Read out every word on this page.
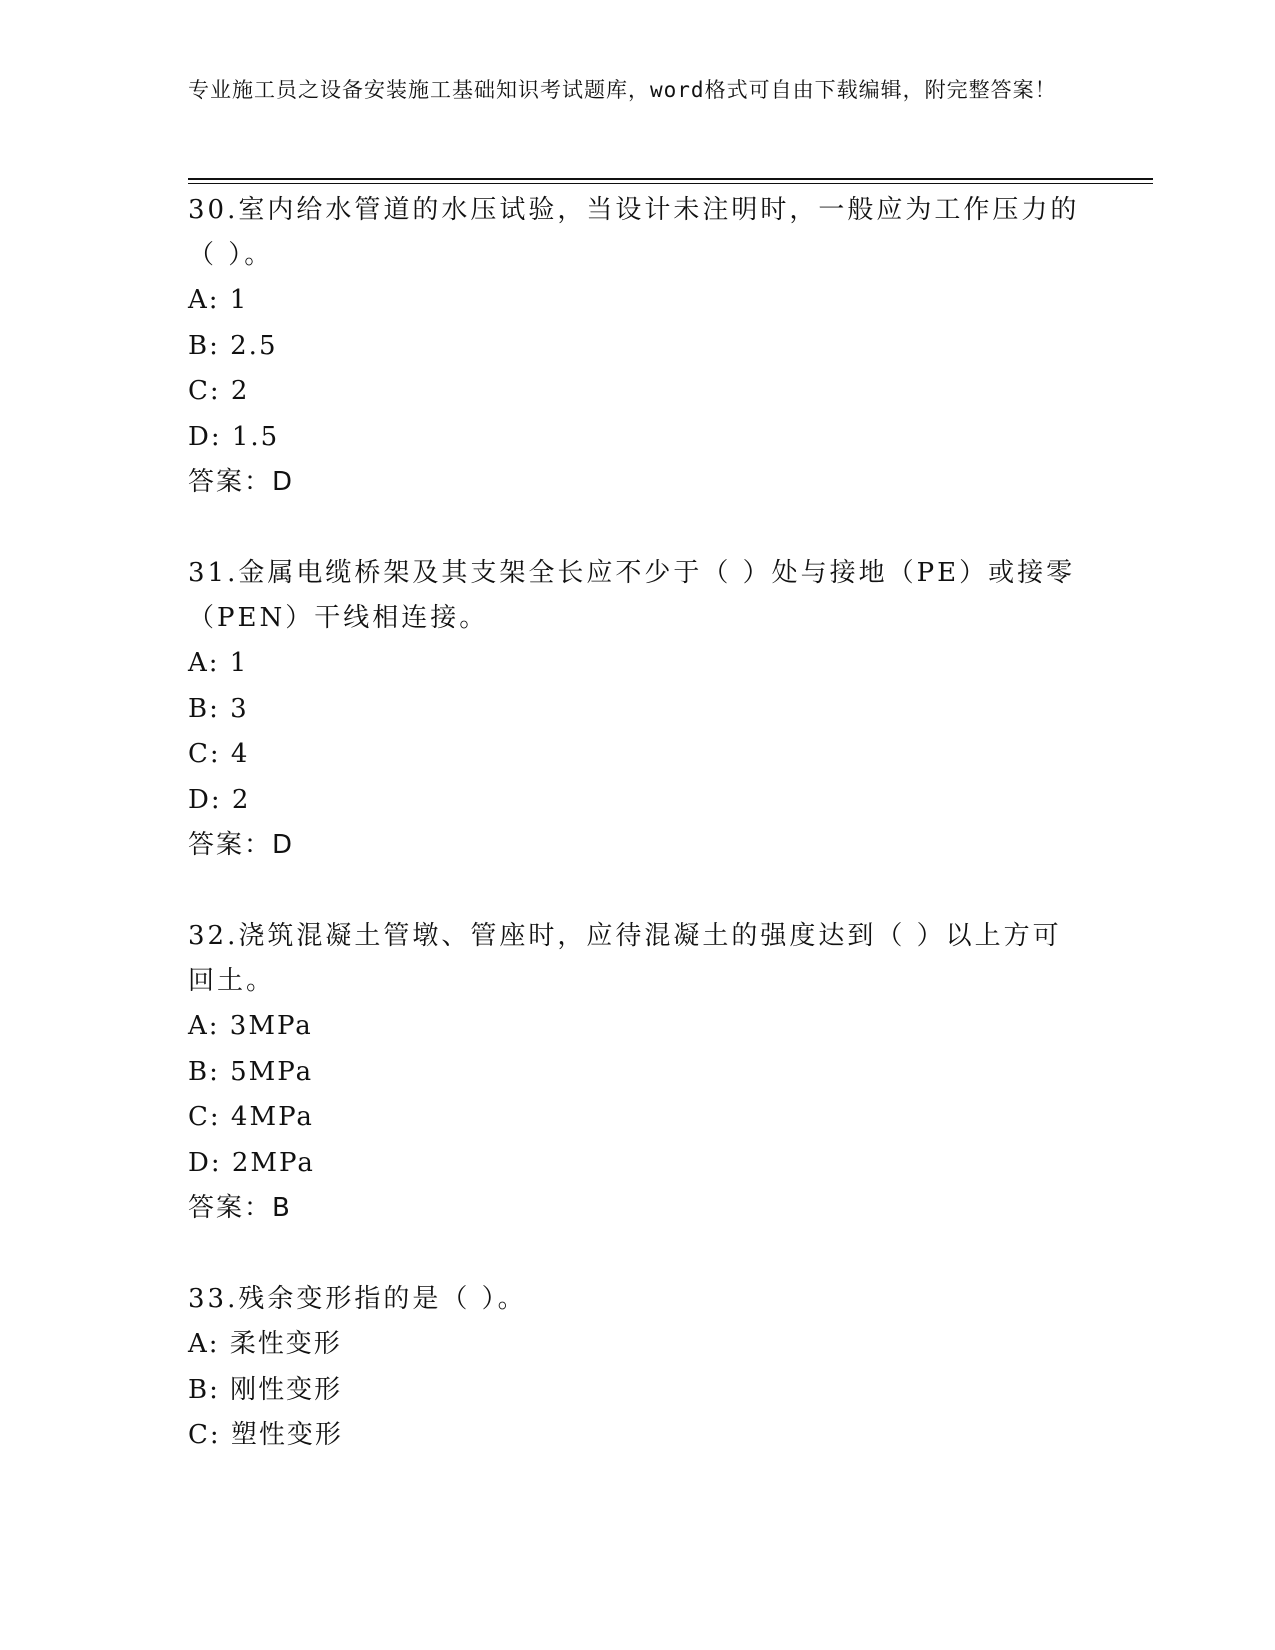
专业施工员之设备安装施工基础知识考试题库，word格式可自由下载编辑，附完整答案！

30.室内给水管道的水压试验，当设计未注明时，一般应为工作压力的（ ）。

A: 1

B: 2.5

C: 2

D: 1.5

答案：D

31.金属电缆桥架及其支架全长应不少于（ ）处与接地（PE）或接零（PEN）干线相连接。

A: 1

B: 3

C: 4

D: 2

答案：D

32.浇筑混凝土管墩、管座时，应待混凝土的强度达到（ ）以上方可回土。

A: 3MPa

B: 5MPa

C: 4MPa

D: 2MPa

答案：B

33.残余变形指的是（ ）。

A: 柔性变形

B: 刚性变形

C: 塑性变形
